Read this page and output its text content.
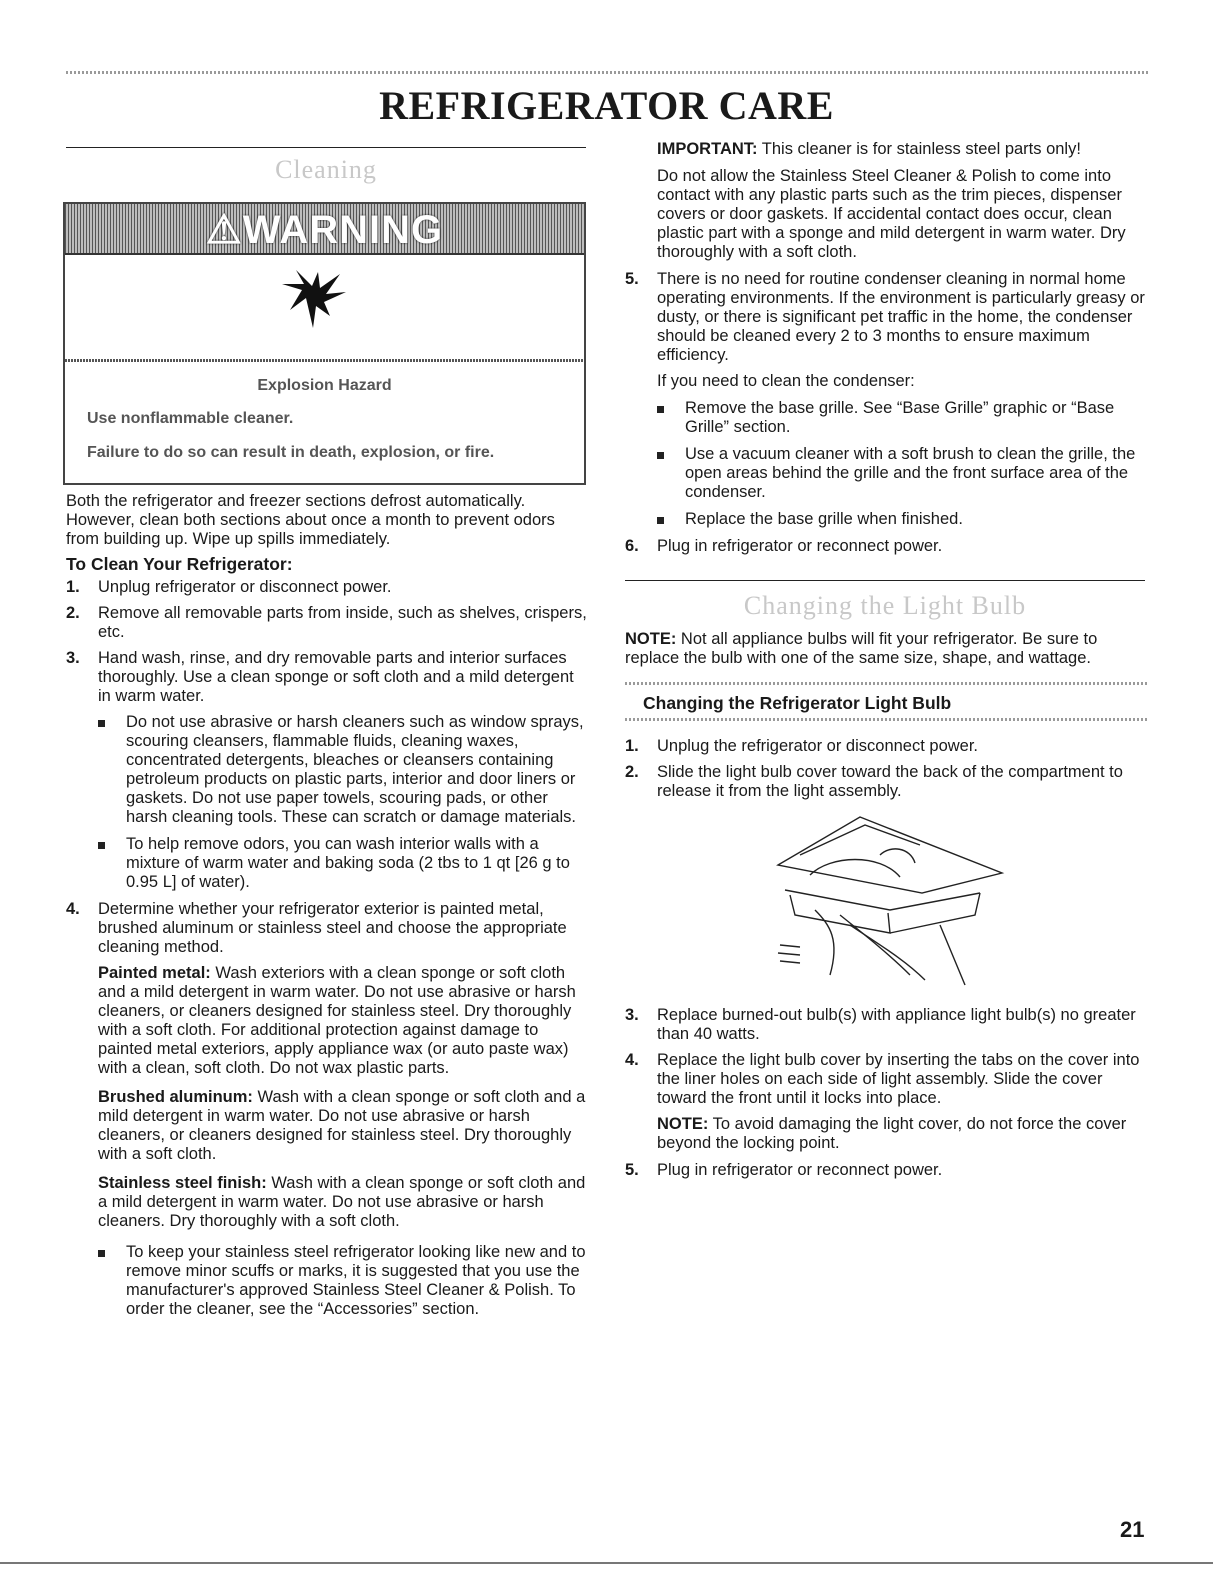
REFRIGERATOR CARE
Cleaning
⚠WARNING
Explosion Hazard
Use nonflammable cleaner.
Failure to do so can result in death, explosion, or fire.

Both the refrigerator and freezer sections defrost automatically. However, clean both sections about once a month to prevent odors from building up. Wipe up spills immediately.

To Clean Your Refrigerator:

1. Unplug refrigerator or disconnect power.
2. Remove all removable parts from inside, such as shelves, crispers, etc.
3. Hand wash, rinse, and dry removable parts and interior surfaces thoroughly. Use a clean sponge or soft cloth and a mild detergent in warm water.
Do not use abrasive or harsh cleaners such as window sprays, scouring cleansers, flammable fluids, cleaning waxes, concentrated detergents, bleaches or cleansers containing petroleum products on plastic parts, interior and door liners or gaskets. Do not use paper towels, scouring pads, or other harsh cleaning tools. These can scratch or damage materials.
To help remove odors, you can wash interior walls with a mixture of warm water and baking soda (2 tbs to 1 qt [26 g to 0.95 L] of water).
4. Determine whether your refrigerator exterior is painted metal, brushed aluminum or stainless steel and choose the appropriate cleaning method.

Painted metal: Wash exteriors with a clean sponge or soft cloth and a mild detergent in warm water. Do not use abrasive or harsh cleaners, or cleaners designed for stainless steel. Dry thoroughly with a soft cloth. For additional protection against damage to painted metal exteriors, apply appliance wax (or auto paste wax) with a clean, soft cloth. Do not wax plastic parts.

Brushed aluminum: Wash with a clean sponge or soft cloth and a mild detergent in warm water. Do not use abrasive or harsh cleaners, or cleaners designed for stainless steel. Dry thoroughly with a soft cloth.

Stainless steel finish: Wash with a clean sponge or soft cloth and a mild detergent in warm water. Do not use abrasive or harsh cleaners. Dry thoroughly with a soft cloth.

To keep your stainless steel refrigerator looking like new and to remove minor scuffs or marks, it is suggested that you use the manufacturer's approved Stainless Steel Cleaner & Polish. To order the cleaner, see the “Accessories” section.

IMPORTANT: This cleaner is for stainless steel parts only!

Do not allow the Stainless Steel Cleaner & Polish to come into contact with any plastic parts such as the trim pieces, dispenser covers or door gaskets. If accidental contact does occur, clean plastic part with a sponge and mild detergent in warm water. Dry thoroughly with a soft cloth.

5. There is no need for routine condenser cleaning in normal home operating environments. If the environment is particularly greasy or dusty, or there is significant pet traffic in the home, the condenser should be cleaned every 2 to 3 months to ensure maximum efficiency.

If you need to clean the condenser:

Remove the base grille. See “Base Grille” graphic or “Base Grille” section.
Use a vacuum cleaner with a soft brush to clean the grille, the open areas behind the grille and the front surface area of the condenser.
Replace the base grille when finished.
6. Plug in refrigerator or reconnect power.
Changing the Light Bulb

NOTE: Not all appliance bulbs will fit your refrigerator. Be sure to replace the bulb with one of the same size, shape, and wattage.

Changing the Refrigerator Light Bulb
1. Unplug the refrigerator or disconnect power.
2. Slide the light bulb cover toward the back of the compartment to release it from the light assembly.
3. Replace burned-out bulb(s) with appliance light bulb(s) no greater than 40 watts.
4. Replace the light bulb cover by inserting the tabs on the cover into the liner holes on each side of light assembly. Slide the cover toward the front until it locks into place.

NOTE: To avoid damaging the light cover, do not force the cover beyond the locking point.

5. Plug in refrigerator or reconnect power.
21
